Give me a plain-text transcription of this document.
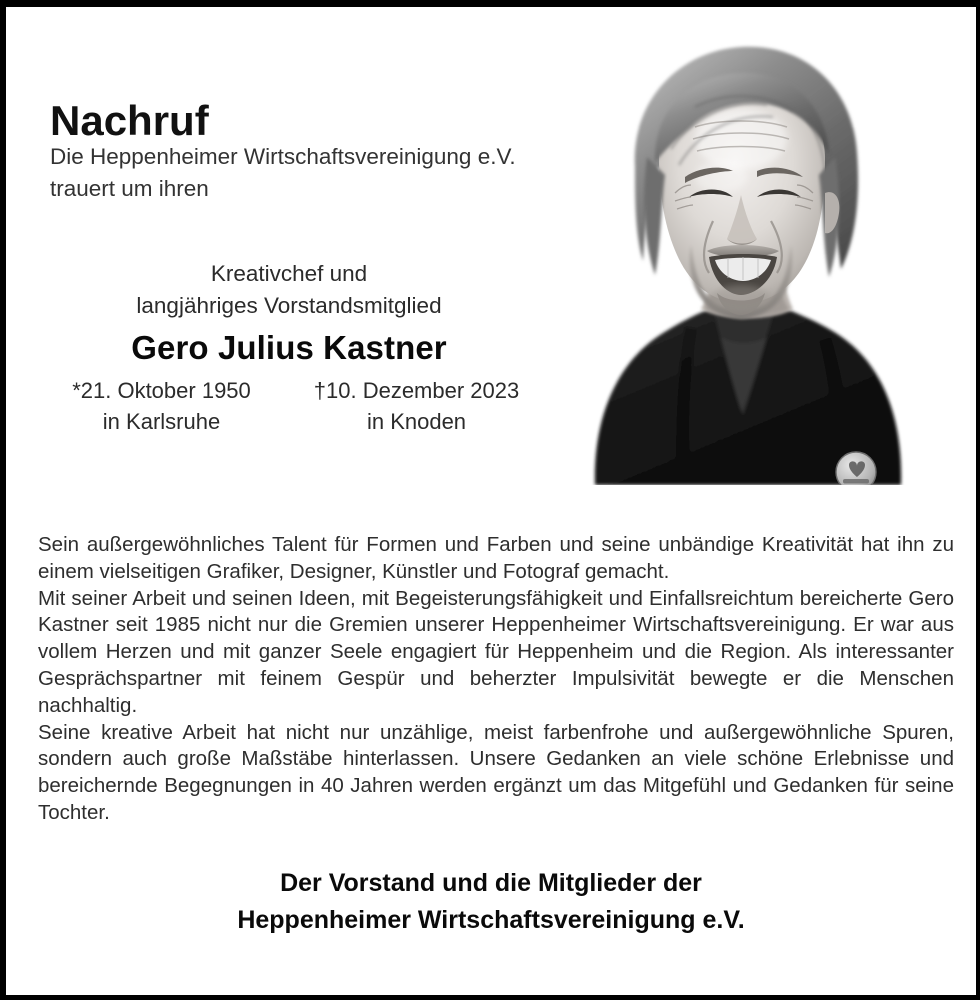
Nachruf
Die Heppenheimer Wirtschaftsvereinigung e.V.
trauert um ihren
Kreativchef und
langjähriges Vorstandsmitglied
Gero Julius Kastner
*21. Oktober 1950
in Karlsruhe
†10. Dezember 2023
in Knoden

Sein außergewöhnliches Talent für Formen und Farben und seine unbändige Kreativität hat ihn zu einem vielseitigen Grafiker, Designer, Künstler und Fotograf gemacht.

Mit seiner Arbeit und seinen Ideen, mit Begeisterungsfähigkeit und Einfallsreichtum bereicherte Gero Kastner seit 1985 nicht nur die Gremien unserer Heppenheimer Wirtschaftsvereinigung. Er war aus vollem Herzen und mit ganzer Seele engagiert für Heppenheim und die Region. Als interessanter Gesprächspartner mit feinem Gespür und beherzter Impulsivität bewegte er die Menschen nachhaltig.

Seine kreative Arbeit hat nicht nur unzählige, meist farbenfrohe und außergewöhnliche Spuren, sondern auch große Maßstäbe hinterlassen. Unsere Gedanken an viele schöne Erlebnisse und bereichernde Begegnungen in 40 Jahren werden ergänzt um das Mitgefühl und Gedanken für seine Tochter.

Der Vorstand und die Mitglieder der
Heppenheimer Wirtschaftsvereinigung e.V.
